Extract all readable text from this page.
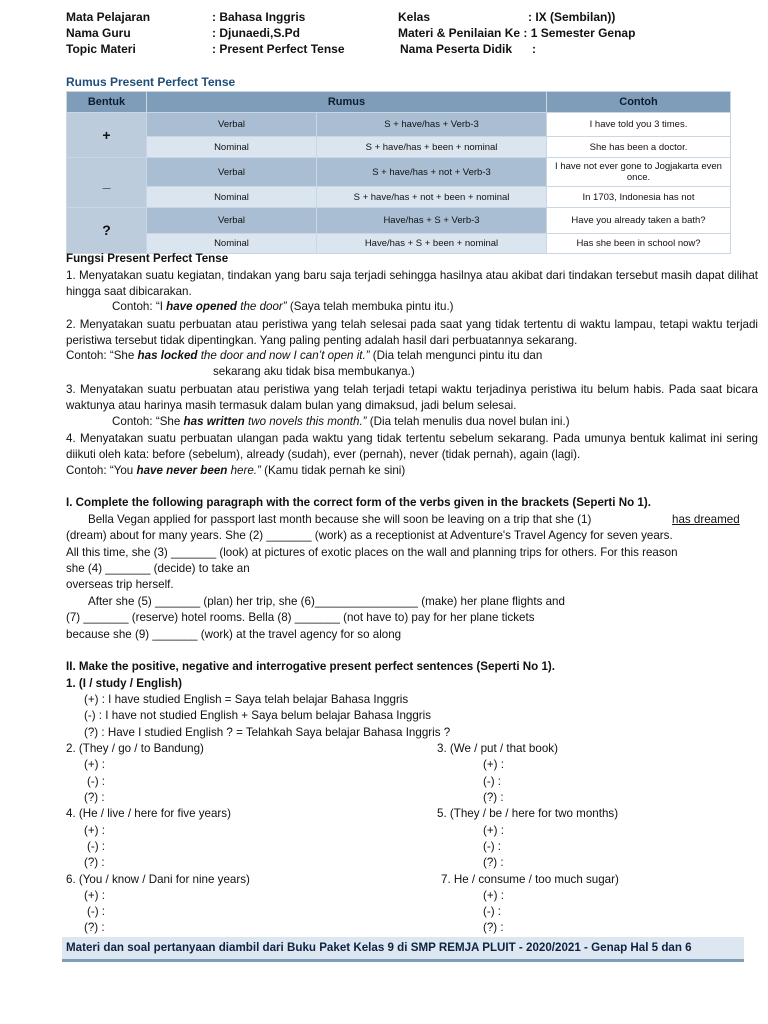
Mata Pelajaran	: Bahasa Inggris
Nama Guru	: Djunaedi,S.Pd
Topic Materi	: Present Perfect Tense
Kelas	: IX (Sembilan))
Materi & Penilaian Ke : 1 Semester Genap
Nama Peserta Didik :
Rumus Present Perfect Tense
Bentuk	Rumus		Contoh
+	Verbal	S + have/has + Verb-3	I have told you 3 times.
	Nominal	S + have/has + been + nominal	She has been a doctor.
_	Verbal	S + have/has + not + Verb-3	I have not ever gone to Jogjakarta even once.
	Nominal	S + have/has + not + been + nominal	In 1703, Indonesia has not
?	Verbal	Have/has + S + Verb-3	Have you already taken a bath?
	Nominal	Have/has + S + been + nominal	Has she been in school now?
Fungsi Present Perfect Tense
1. Menyatakan suatu kegiatan, tindakan yang baru saja terjadi sehingga hasilnya atau akibat dari tindakan tersebut masih dapat dilihat hingga saat dibicarakan.
Contoh: “I have opened the door” (Saya telah membuka pintu itu.)
2. Menyatakan suatu perbuatan atau peristiwa yang telah selesai pada saat yang tidak tertentu di waktu lampau, tetapi waktu terjadi peristiwa tersebut tidak dipentingkan. Yang paling penting adalah hasil dari perbuatannya sekarang.
Contoh: “She has locked the door and now I can’t open it.” (Dia telah mengunci pintu itu dan
sekarang aku tidak bisa membukanya.)
3. Menyatakan suatu perbuatan atau peristiwa yang telah terjadi tetapi waktu terjadinya peristiwa itu belum habis. Pada saat bicara waktunya atau harinya masih termasuk dalam bulan yang dimaksud, jadi belum selesai.
Contoh: “She has written two novels this month.” (Dia telah menulis dua novel bulan ini.)
4. Menyatakan suatu perbuatan ulangan pada waktu yang tidak tertentu sebelum sekarang. Pada umunya bentuk kalimat ini sering diikuti oleh kata: before (sebelum), already (sudah), ever (pernah), never (tidak pernah), again (lagi).
Contoh: “You have never been here.” (Kamu tidak pernah ke sini)
I. Complete the following paragraph with the correct form of the verbs given in the brackets (Seperti No 1).
Bella Vegan applied for passport last month because she will soon be leaving on a trip that she (1)	has dreamed
(dream) about for many years. She (2) _______ (work) as a receptionist at Adventure's Travel Agency for seven years.
All this time, she (3) _______ (look) at pictures of exotic places on the wall and planning trips for others. For this reason
she (4) _______ (decide) to take an
overseas trip herself.
After she (5) _______ (plan) her trip, she (6)________________ (make) her plane flights and
(7) _______ (reserve) hotel rooms. Bella (8) _______ (not have to) pay for her plane tickets
because she (9) _______ (work) at the travel agency for so along
II. Make the positive, negative and interrogative present perfect sentences (Seperti No 1).
1. (I / study / English)
(+) : I have studied English = Saya telah belajar Bahasa Inggris
(-) : I have not studied English + Saya belum belajar Bahasa Inggris
(?) : Have I studied English ? = Telahkah Saya belajar Bahasa Inggris ?
2. (They / go / to Bandung)
(+) :
(-) :
(?) :
3. (We / put / that book)
(+) :
(-) :
(?) :
4. (He / live / here for five years)
(+) :
(-) :
(?) :
5. (They / be / here for two months)
(+) :
(-) :
(?) :
6. (You / know / Dani for nine years)
(+) :
(-) :
(?) :
7. He / consume / too much sugar)
(+) :
(-) :
(?) :
Materi dan soal pertanyaan diambil dari Buku Paket Kelas 9 di SMP REMJA PLUIT - 2020/2021 - Genap Hal 5 dan 6
